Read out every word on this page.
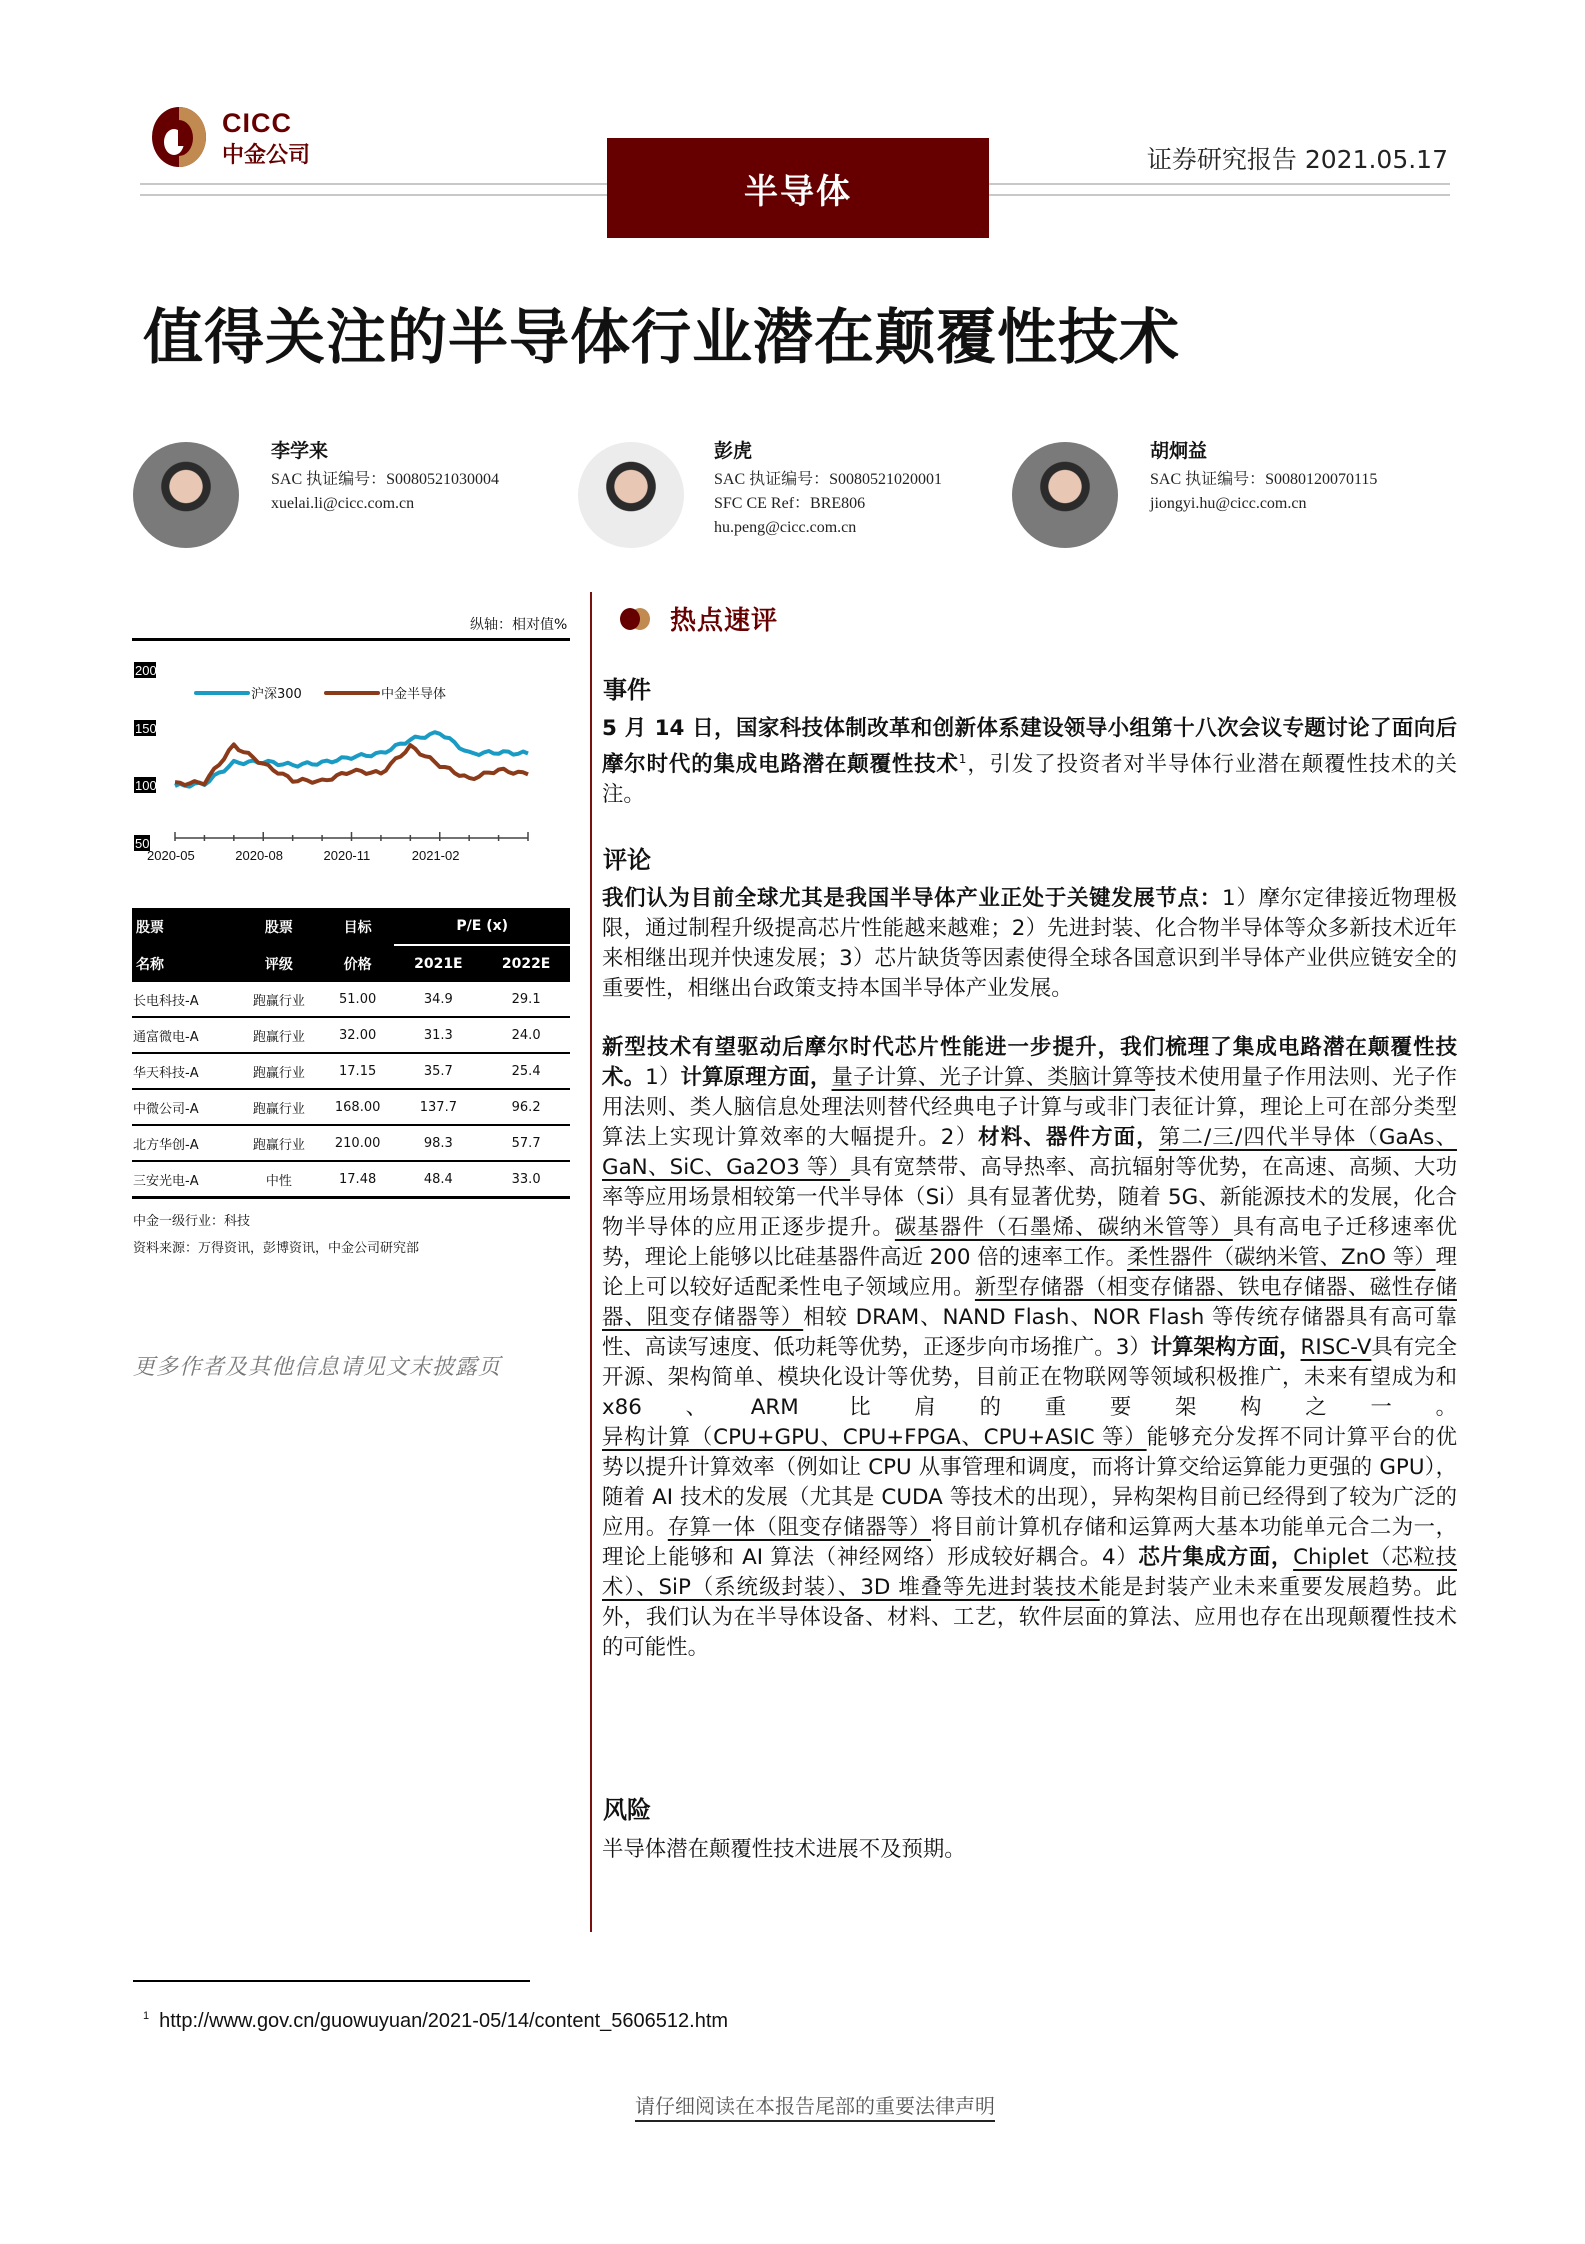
CICC
中金公司
半导体
证券研究报告 2021.05.17
值得关注的半导体行业潜在颠覆性技术
李学来
SAC 执证编号：S0080521030004
xuelai.li@cicc.com.cn
彭虎
SAC 执证编号：S0080521020001
SFC CE Ref：BRE806
hu.peng@cicc.com.cn
胡炯益
SAC 执证编号：S0080120070115
jiongyi.hu@cicc.com.cn
纵轴：相对值%
200
150
100
50
沪深300	中金半导体
2020-05	2020-08	2020-11	2021-02
股票	股票	目标	P/E (x)	
名称	评级	价格	2021E	2022E
长电科技-A	跑赢行业	51.00	34.9	29.1
通富微电-A	跑赢行业	32.00	31.3	24.0
华天科技-A	跑赢行业	17.15	35.7	25.4
中微公司-A	跑赢行业	168.00	137.7	96.2
北方华创-A	跑赢行业	210.00	98.3	57.7
三安光电-A	中性	17.48	48.4	33.0
中金一级行业：科技
资料来源：万得资讯，彭博资讯，中金公司研究部
更多作者及其他信息请见文末披露页
热点速评
事件
5 月 14 日，国家科技体制改革和创新体系建设领导小组第十八次会议专题讨论了面向后摩尔时代的集成电路潜在颠覆性技术$^1$，引发了投资者对半导体行业潜在颠覆性技术的关注。
评论
我们认为目前全球尤其是我国半导体产业正处于关键发展节点：1）摩尔定律接近物理极限，通过制程升级提高芯片性能越来越难；2）先进封装、化合物半导体等众多新技术近年来相继出现并快速发展；3）芯片缺货等因素使得全球各国意识到半导体产业供应链安全的重要性，相继出台政策支持本国半导体产业发展。
新型技术有望驱动后摩尔时代芯片性能进一步提升，我们梳理了集成电路潜在颠覆性技术。1）计算原理方面，量子计算、光子计算、类脑计算等技术使用量子作用法则、光子作用法则、类人脑信息处理法则替代经典电子计算与或非门表征计算，理论上可在部分类型算法上实现计算效率的大幅提升。2）材料、器件方面，第二/三/四代半导体（GaAs、GaN、SiC、Ga2O3 等）具有宽禁带、高导热率、高抗辐射等优势，在高速、高频、大功率等应用场景相较第一代半导体（Si）具有显著优势，随着 5G、新能源技术的发展，化合物半导体的应用正逐步提升。碳基器件（石墨烯、碳纳米管等）具有高电子迁移速率优势，理论上能够以比硅基器件高近 200 倍的速率工作。柔性器件（碳纳米管、ZnO 等）理论上可以较好适配柔性电子领域应用。新型存储器（相变存储器、铁电存储器、磁性存储器、阻变存储器等）相较 DRAM、NAND Flash、NOR Flash 等传统存储器具有高可靠性、高读写速度、低功耗等优势，正逐步向市场推广。3）计算架构方面，RISC-V具有完全开源、架构简单、模块化设计等优势，目前正在物联网等领域积极推广，未来有望成为和 x86、ARM 比肩的重要架构之一。异构计算（CPU+GPU、CPU+FPGA、CPU+ASIC 等）能够充分发挥不同计算平台的优势以提升计算效率（例如让 CPU 从事管理和调度，而将计算交给运算能力更强的 GPU），随着 AI 技术的发展（尤其是 CUDA 等技术的出现），异构架构目前已经得到了较为广泛的应用。存算一体（阻变存储器等）将目前计算机存储和运算两大基本功能单元合二为一，理论上能够和 AI 算法（神经网络）形成较好耦合。4）芯片集成方面，Chiplet（芯粒技术）、SiP（系统级封装）、3D 堆叠等先进封装技术能是封装产业未来重要发展趋势。此外，我们认为在半导体设备、材料、工艺，软件层面的算法、应用也存在出现颠覆性技术的可能性。
风险
半导体潜在颠覆性技术进展不及预期。
$^1$ http://www.gov.cn/guowuyuan/2021-05/14/content_5606512.htm
请仔细阅读在本报告尾部的重要法律声明
